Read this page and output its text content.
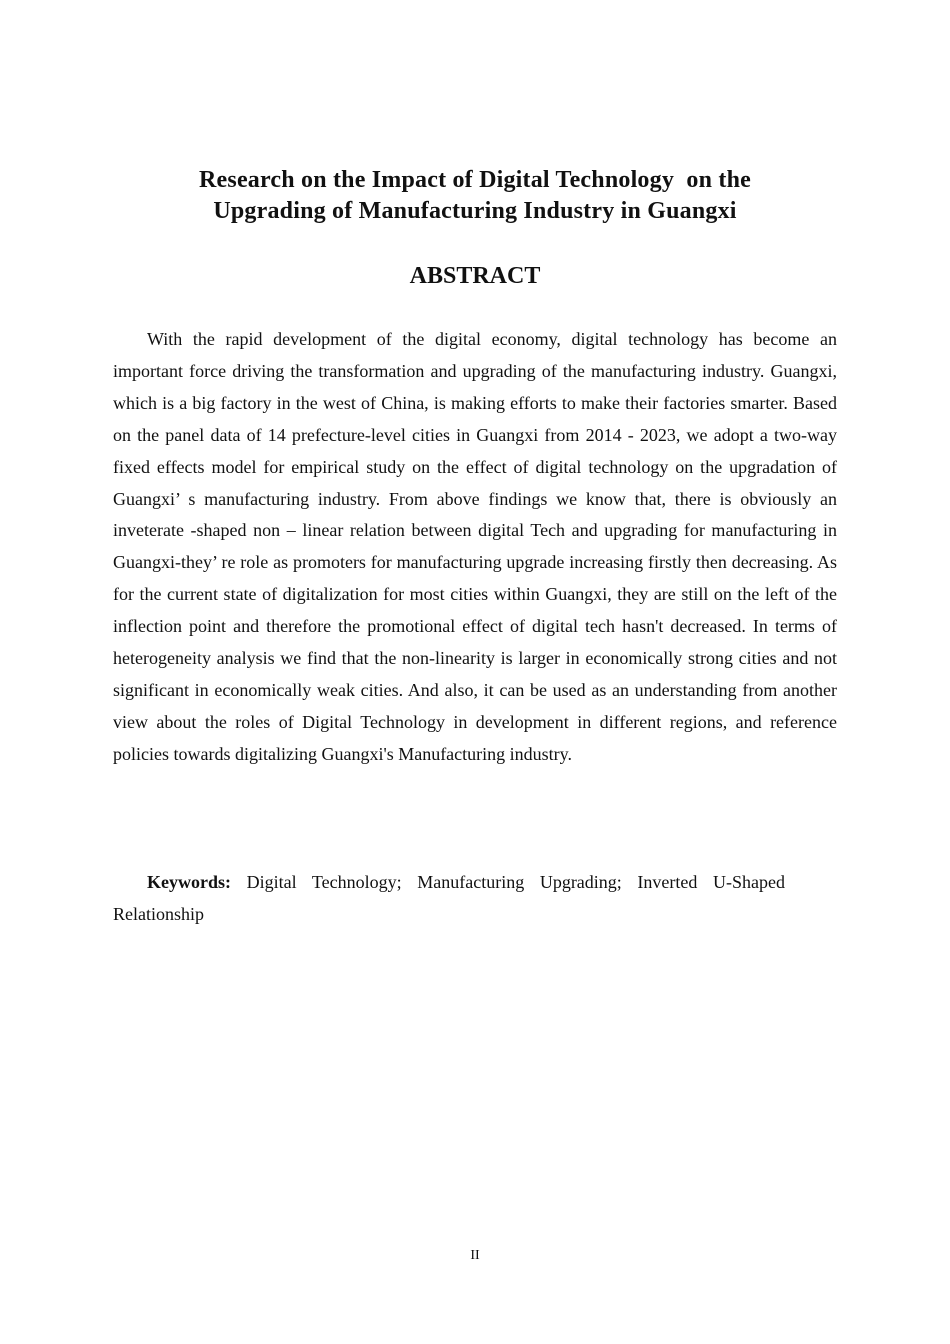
Research on the Impact of Digital Technology  on the
Upgrading of Manufacturing Industry in Guangxi
ABSTRACT

With the rapid development of the digital economy, digital technology has become an important force driving the transformation and upgrading of the manufacturing industry. Guangxi, which is a big factory in the west of China, is making efforts to make their factories smarter. Based on the panel data of 14 prefecture-level cities in Guangxi from 2014 - 2023, we adopt a two-way fixed effects model for empirical study on the effect of digital technology on the upgradation of Guangxi’ s manufacturing industry. From above findings we know that, there is obviously an inveterate -shaped non – linear relation between digital Tech and upgrading for manufacturing in Guangxi-they’ re role as promoters for manufacturing upgrade increasing firstly then decreasing. As for the current state of digitalization for most cities within Guangxi, they are still on the left of the inflection point and therefore the promotional effect of digital tech hasn't decreased. In terms of heterogeneity analysis we find that the non-linearity is larger in economically strong cities and not significant in economically weak cities. And also, it can be used as an understanding from another view about the roles of Digital Technology in development in different regions, and reference policies towards digitalizing Guangxi's Manufacturing industry.

Keywords: Digital Technology; Manufacturing Upgrading; Inverted U-Shaped Relationship

II
